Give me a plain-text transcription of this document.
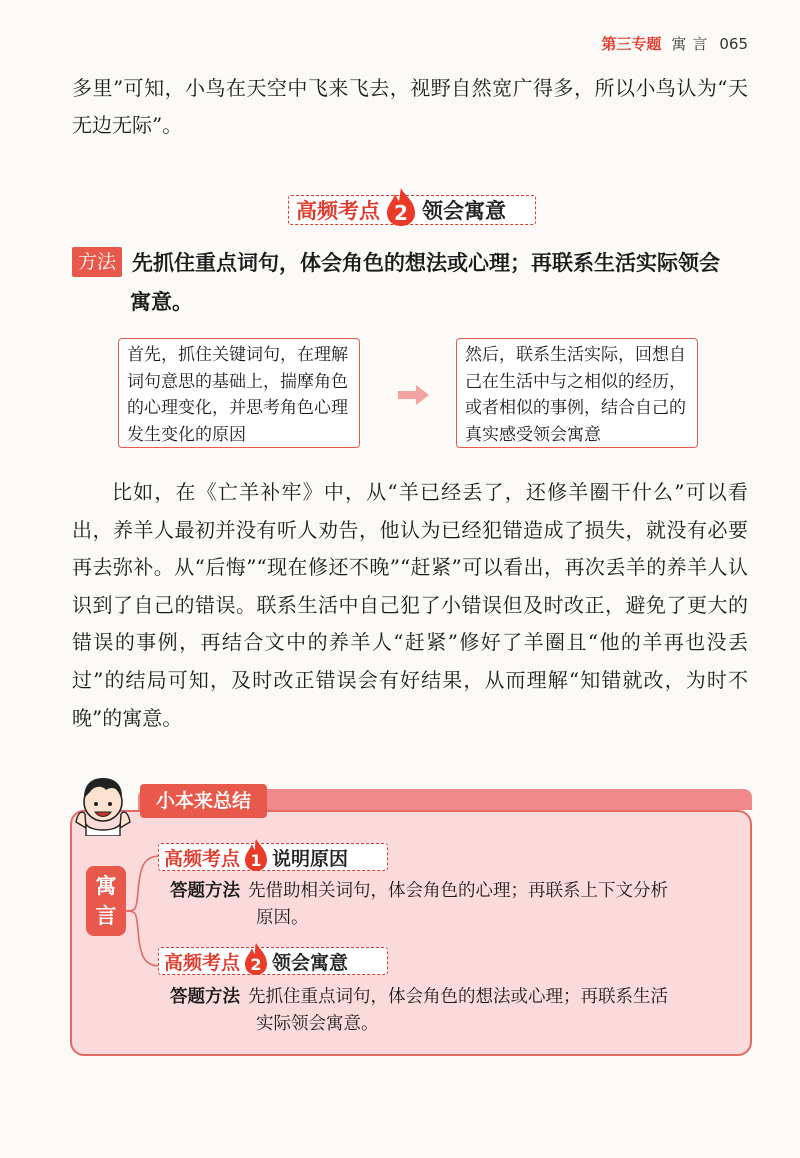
第三专题 寓言 065
多里”可知，小鸟在天空中飞来飞去，视野自然宽广得多，所以小鸟认为“天无边无际”。
高频考点 2 领会寓意
方法 先抓住重点词句，体会角色的想法或心理；再联系生活实际领会
寓意。
首先，抓住关键词句，在理解词句意思的基础上，揣摩角色的心理变化，并思考角色心理发生变化的原因
然后，联系生活实际，回想自己在生活中与之相似的经历，或者相似的事例，结合自己的真实感受领会寓意
比如，在《亡羊补牢》中，从“羊已经丢了，还修羊圈干什么”可以看出，养羊人最初并没有听人劝告，他认为已经犯错造成了损失，就没有必要再去弥补。从“后悔”“现在修还不晚”“赶紧”可以看出，再次丢羊的养羊人认识到了自己的错误。联系生活中自己犯了小错误但及时改正，避免了更大的错误的事例，再结合文中的养羊人“赶紧”修好了羊圈且“他的羊再也没丢过”的结局可知，及时改正错误会有好结果，从而理解“知错就改，为时不晚”的寓意。
小本来总结
寓言
高频考点 1 说明原因
答题方法 先借助相关词句，体会角色的心理；再联系上下文分析
原因。
高频考点 2 领会寓意
答题方法 先抓住重点词句，体会角色的想法或心理；再联系生活
实际领会寓意。
